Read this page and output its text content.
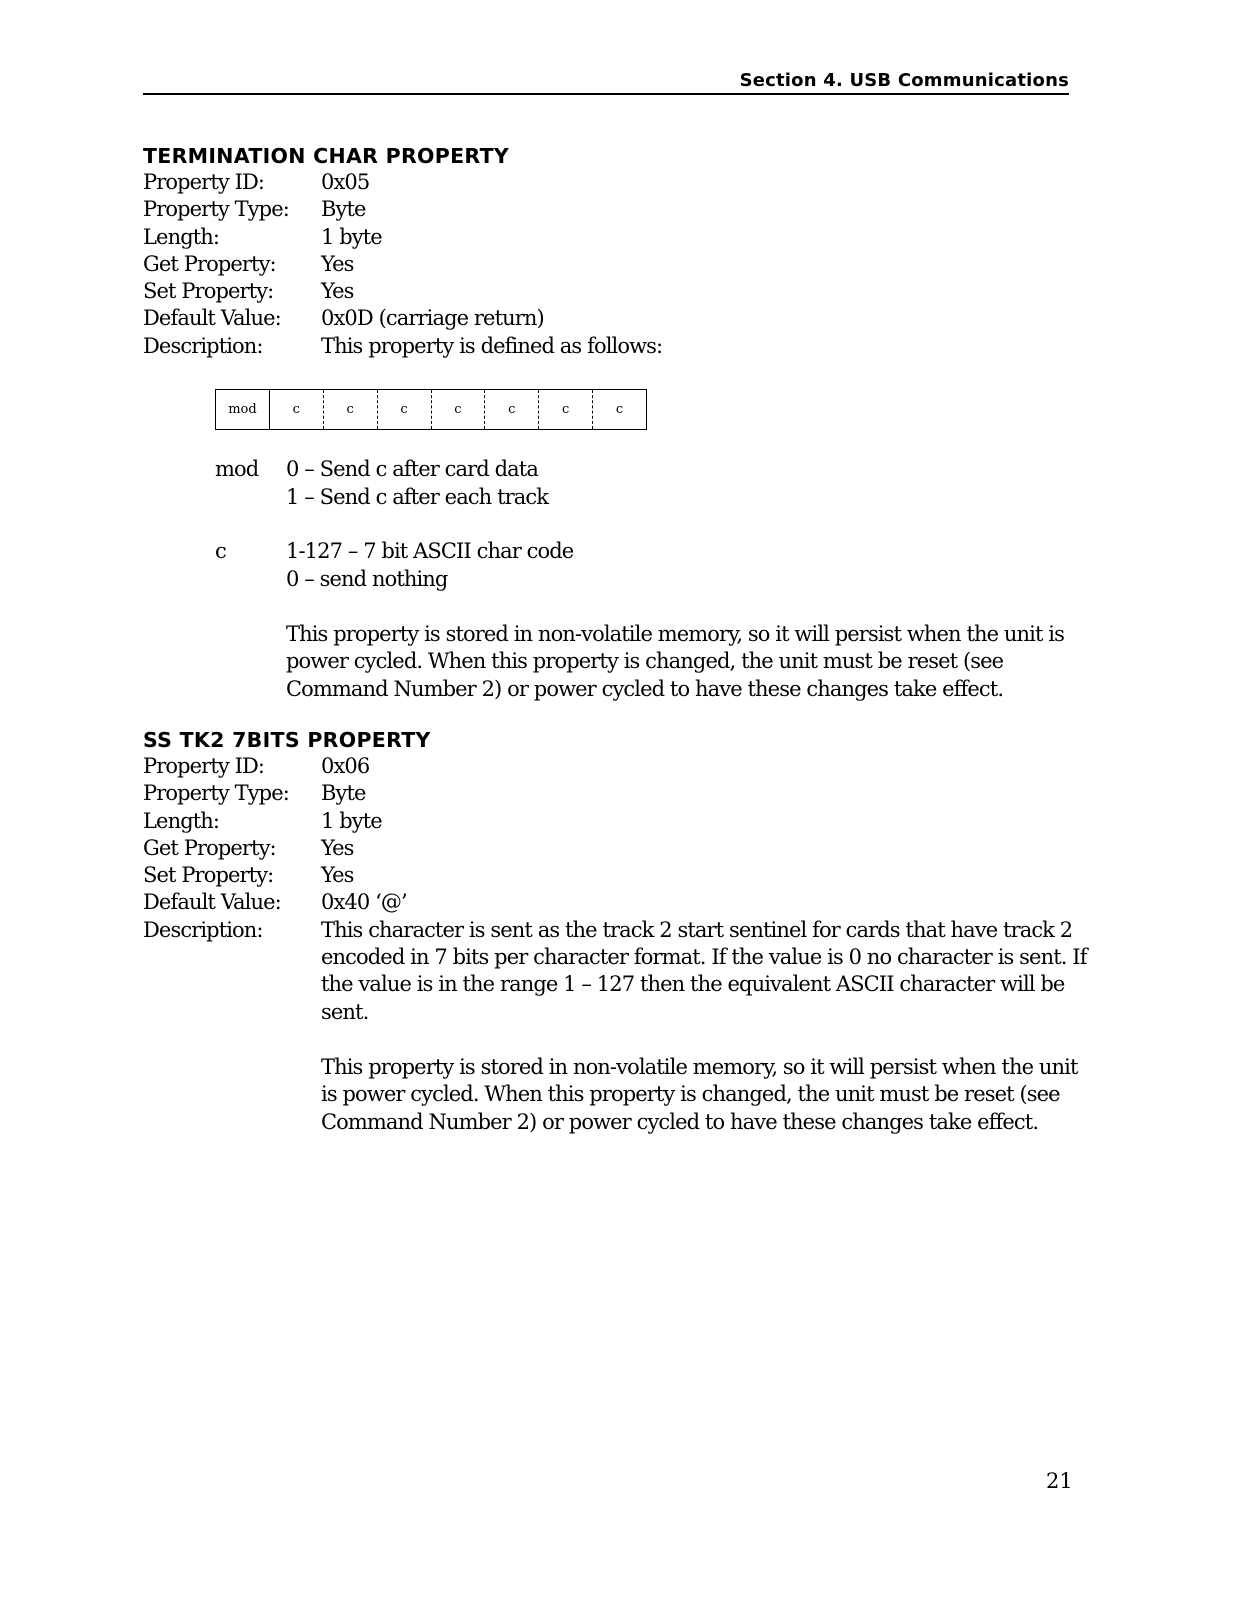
Section 4. USB Communications
TERMINATION CHAR PROPERTY
Property ID:	0x05
Property Type: Byte
Length:	1 byte
Get Property: Yes
Set Property: Yes
Default Value: 0x0D (carriage return)
Description:	This property is defined as follows:
mod	c	c	c	c	c	c	c
mod 0 – Send c after card data
1 – Send c after each track
c	1-127 – 7 bit ASCII char code
0 – send nothing
This property is stored in non-volatile memory, so it will persist when the unit is
power cycled. When this property is changed, the unit must be reset (see
Command Number 2) or power cycled to have these changes take effect.
SS TK2 7BITS PROPERTY
Property ID:	0x06
Property Type: Byte
Length:	1 byte
Get Property: Yes
Set Property: Yes
Default Value: 0x40 ‘@’
Description:	This character is sent as the track 2 start sentinel for cards that have track 2
encoded in 7 bits per character format. If the value is 0 no character is sent. If
the value is in the range 1 – 127 then the equivalent ASCII character will be
sent.
This property is stored in non-volatile memory, so it will persist when the unit
is power cycled. When this property is changed, the unit must be reset (see
Command Number 2) or power cycled to have these changes take effect.
21
